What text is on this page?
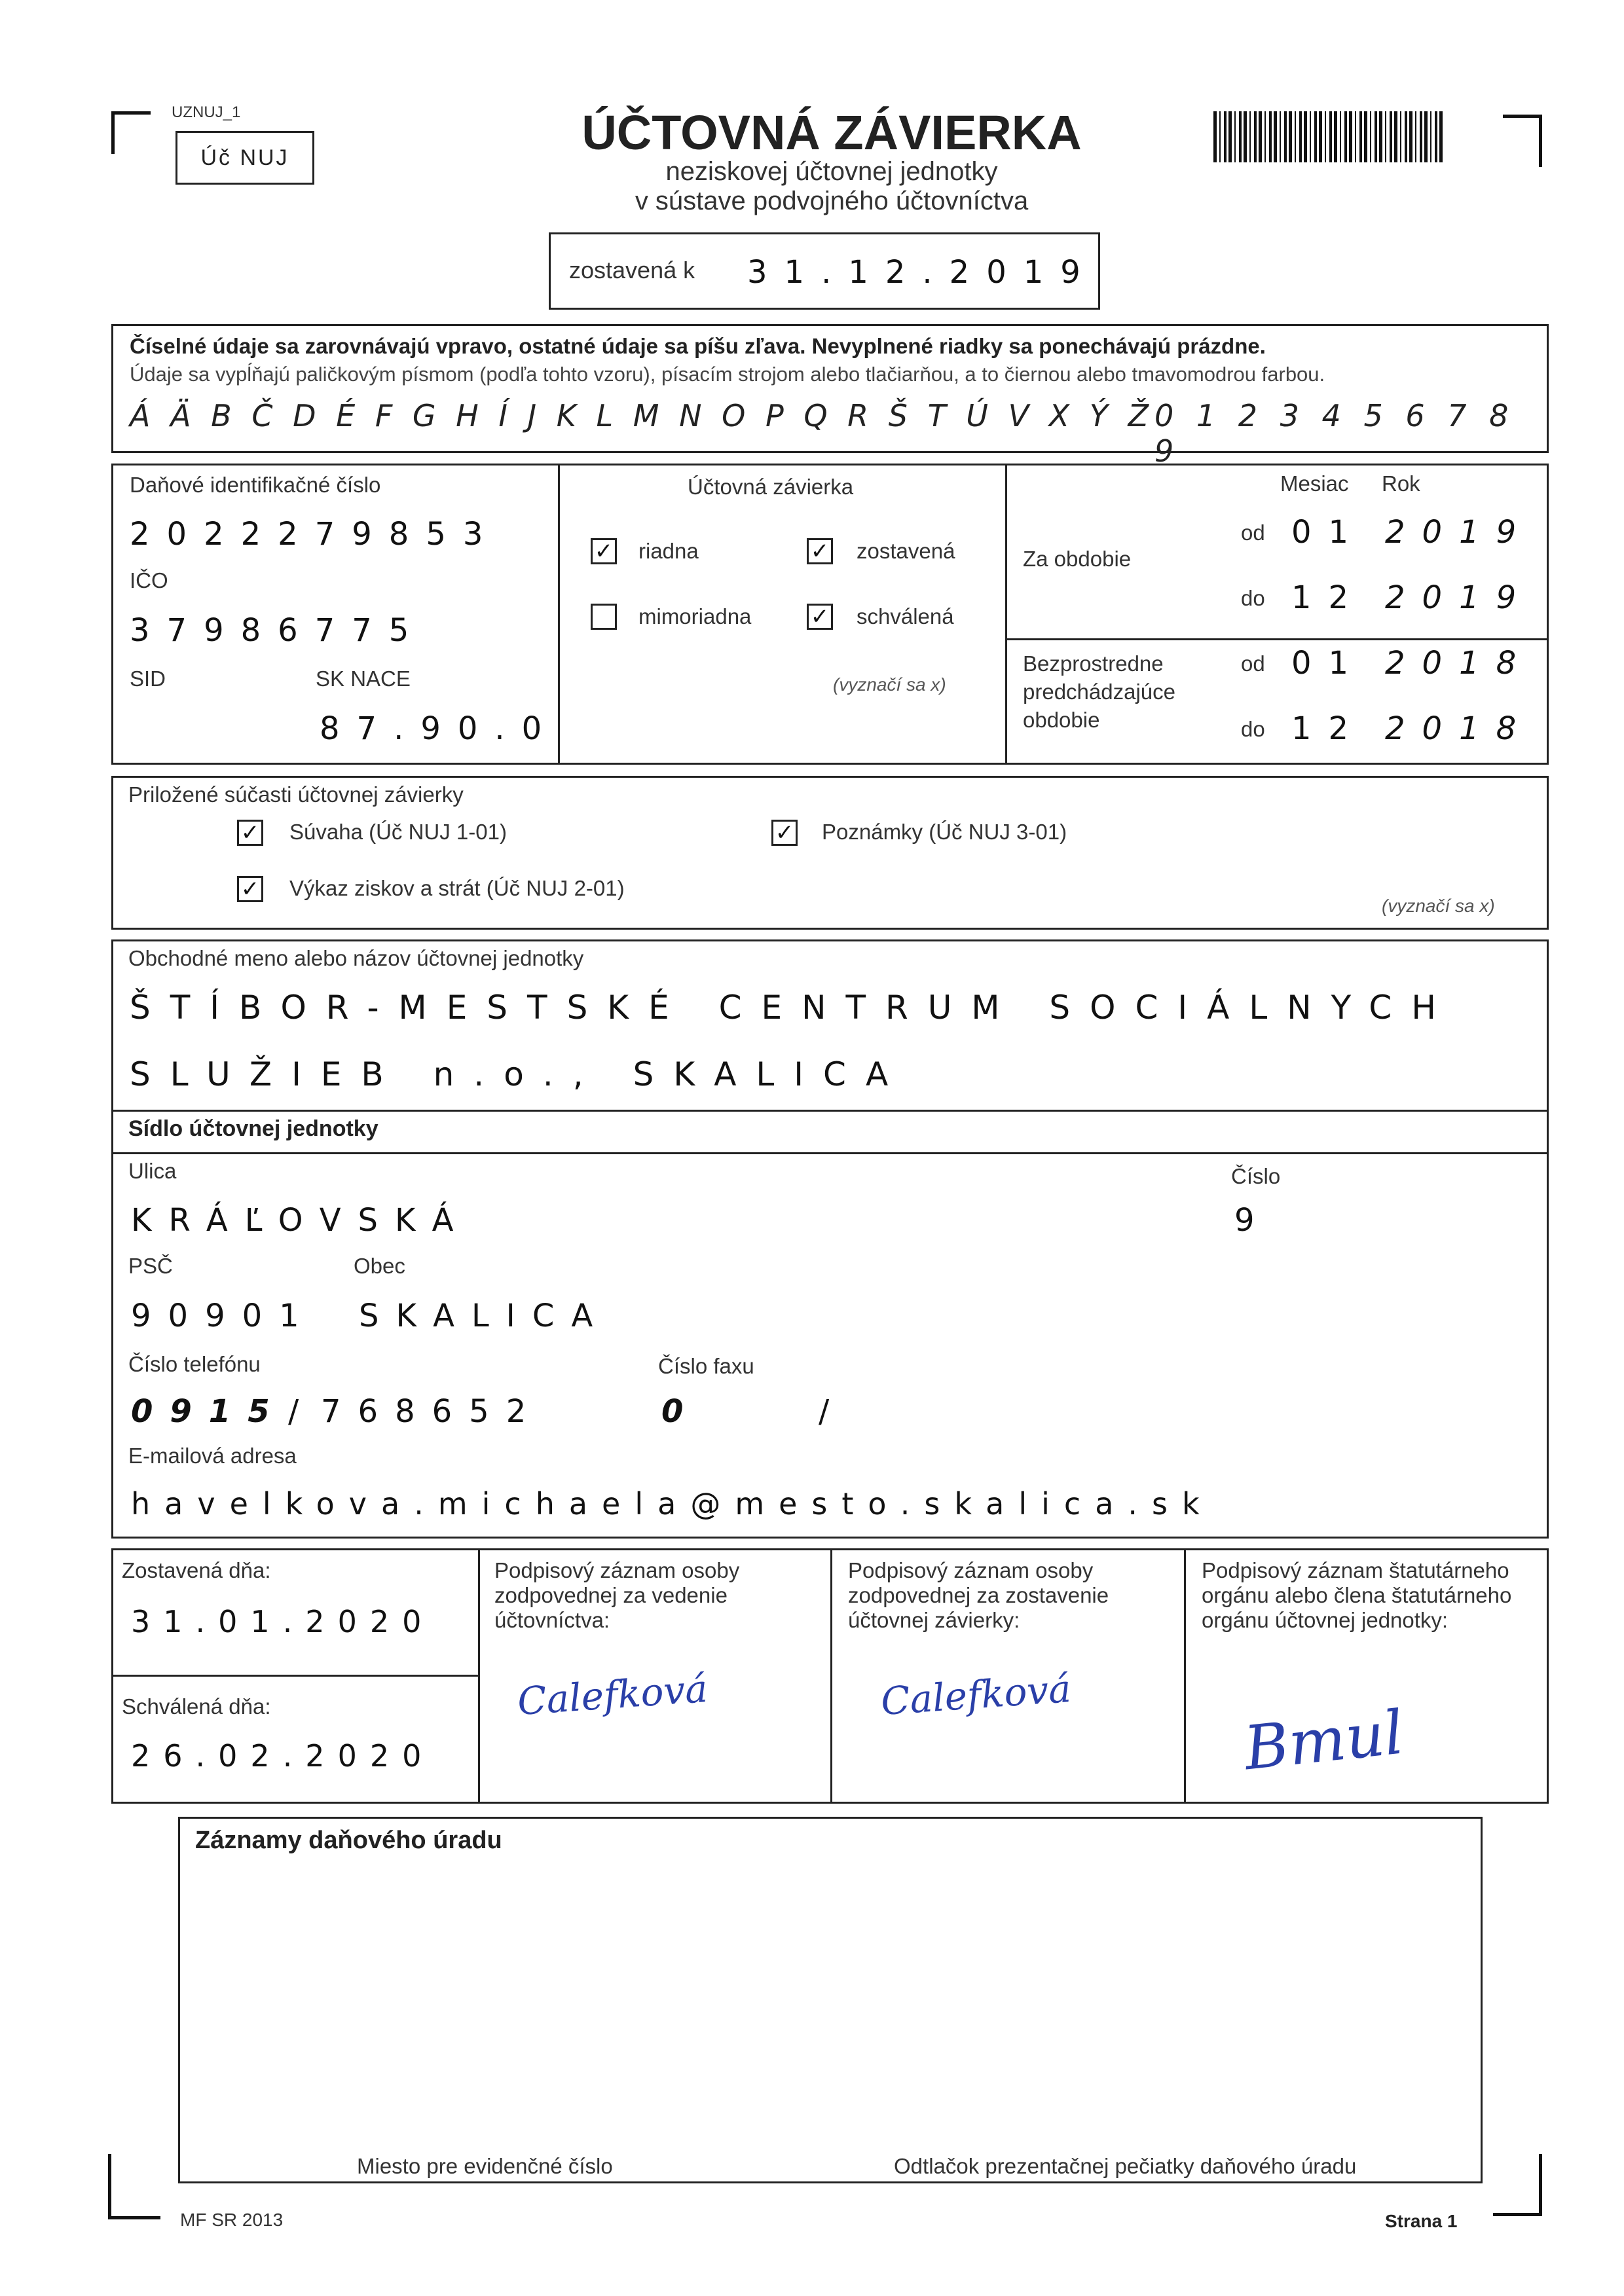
UZNUJ_1
Úč NUJ	ÚČTOVNÁ ZÁVIERKA
neziskovej účtovnej jednotky
v sústave podvojného účtovníctva
zostavená k 31.12.2019
Číselné údaje sa zarovnávajú vpravo, ostatné údaje sa píšu zľava. Nevyplnené riadky sa ponechávajú prázdne.
Údaje sa vypĺňajú paličkovým písmom (podľa tohto vzoru), písacím strojom alebo tlačiarňou, a to čiernou alebo tmavomodrou farbou.
Á Ä B Č D É F G H Í J K L M N O P Q R Š T Ú V X Ý Ž 0 1 2 3 4 5 6 7 8 9
Daňové identifikačné číslo
2022279853
IČO
37986775
SID	SK NACE
87.90.0
Účtovná závierka
✓ riadna	✓ zostavená
mimoriadna	✓ schválená
(vyznačí sa x)
Mesiac Rok
Za obdobie
od 01 2019
do 12 2019
Bezprostredne
predchádzajúce
obdobie
od 01 2018
do 12 2018
Priložené súčasti účtovnej závierky
✓ Súvaha (Úč NUJ 1-01)	✓ Poznámky (Úč NUJ 3-01)
✓ Výkaz ziskov a strát (Úč NUJ 2-01)
(vyznačí sa x)
Obchodné meno alebo názov účtovnej jednotky
ŠTÍBOR-MESTSKÉ CENTRUM SOCIÁLNYCH
SLUŽIEB n.o., SKALICA
Sídlo účtovnej jednotky
Ulica	Číslo
KRÁĽOVSKÁ	9
PSČ	Obec
90901 SKALICA
Číslo telefónu	Číslo faxu
0915 / 768652	0	/
E-mailová adresa
havelkova.michaela@mesto.skalica.sk
Zostavená dňa:
31.01.2020
Schválená dňa:
26.02.2020
Podpisový záznam osoby zodpovednej za vedenie účtovníctva:
Calefková
Podpisový záznam osoby zodpovednej za zostavenie účtovnej závierky:
Calefková
Podpisový záznam štatutárneho orgánu alebo člena štatutárneho orgánu účtovnej jednotky:
Bmul
Záznamy daňového úradu
Miesto pre evidenčné číslo	Odtlačok prezentačnej pečiatky daňového úradu
MF SR 2013	Strana 1
